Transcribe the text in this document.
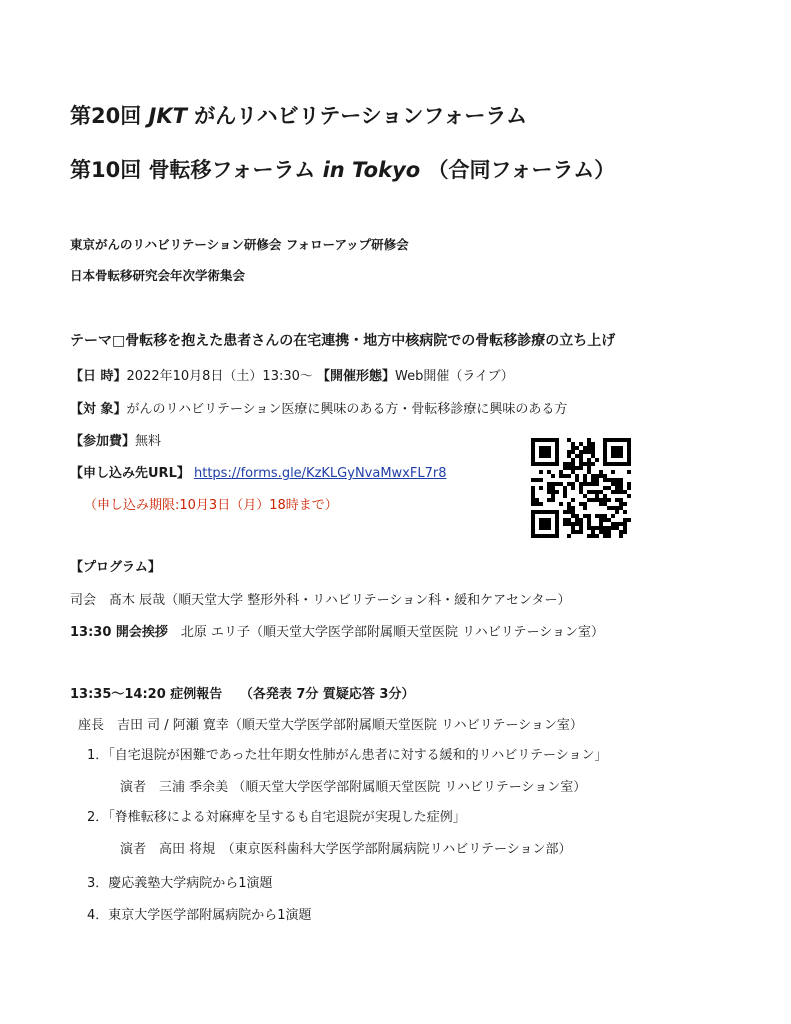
第20回 JKT がんリハビリテーションフォーラム
第10回 骨転移フォーラム in Tokyo （合同フォーラム）
東京がんのリハビリテーション研修会 フォローアップ研修会
日本骨転移研究会年次学術集会
テーマ□骨転移を抱えた患者さんの在宅連携・地方中核病院での骨転移診療の立ち上げ
【日 時】2022年10月8日（土）13:30～ 【開催形態】Web開催（ライブ）
【対 象】がんのリハビリテーション医療に興味のある方・骨転移診療に興味のある方
【参加費】無料
【申し込み先URL】 https://forms.gle/KzKLGyNvaMwxFL7r8
（申し込み期限:10月3日（月）18時まで）
【プログラム】
司会　髙木 辰哉（順天堂大学 整形外科・リハビリテーション科・緩和ケアセンター）
13:30 開会挨拶　北原 エリ子（順天堂大学医学部附属順天堂医院 リハビリテーション室）
13:35～14:20 症例報告　 （各発表 7分 質疑応答 3分）
座長　吉田 司 / 阿瀬 寛幸（順天堂大学医学部附属順天堂医院 リハビリテーション室）
1．「自宅退院が困難であった壮年期女性肺がん患者に対する緩和的リハビリテーション」
演者　三浦 季余美 （順天堂大学医学部附属順天堂医院 リハビリテーション室）
2．「脊椎転移による対麻痺を呈するも自宅退院が実現した症例」
演者　高田 将規　（東京医科歯科大学医学部附属病院リハビリテーション部）
3．慶応義塾大学病院から1演題
4．東京大学医学部附属病院から1演題
